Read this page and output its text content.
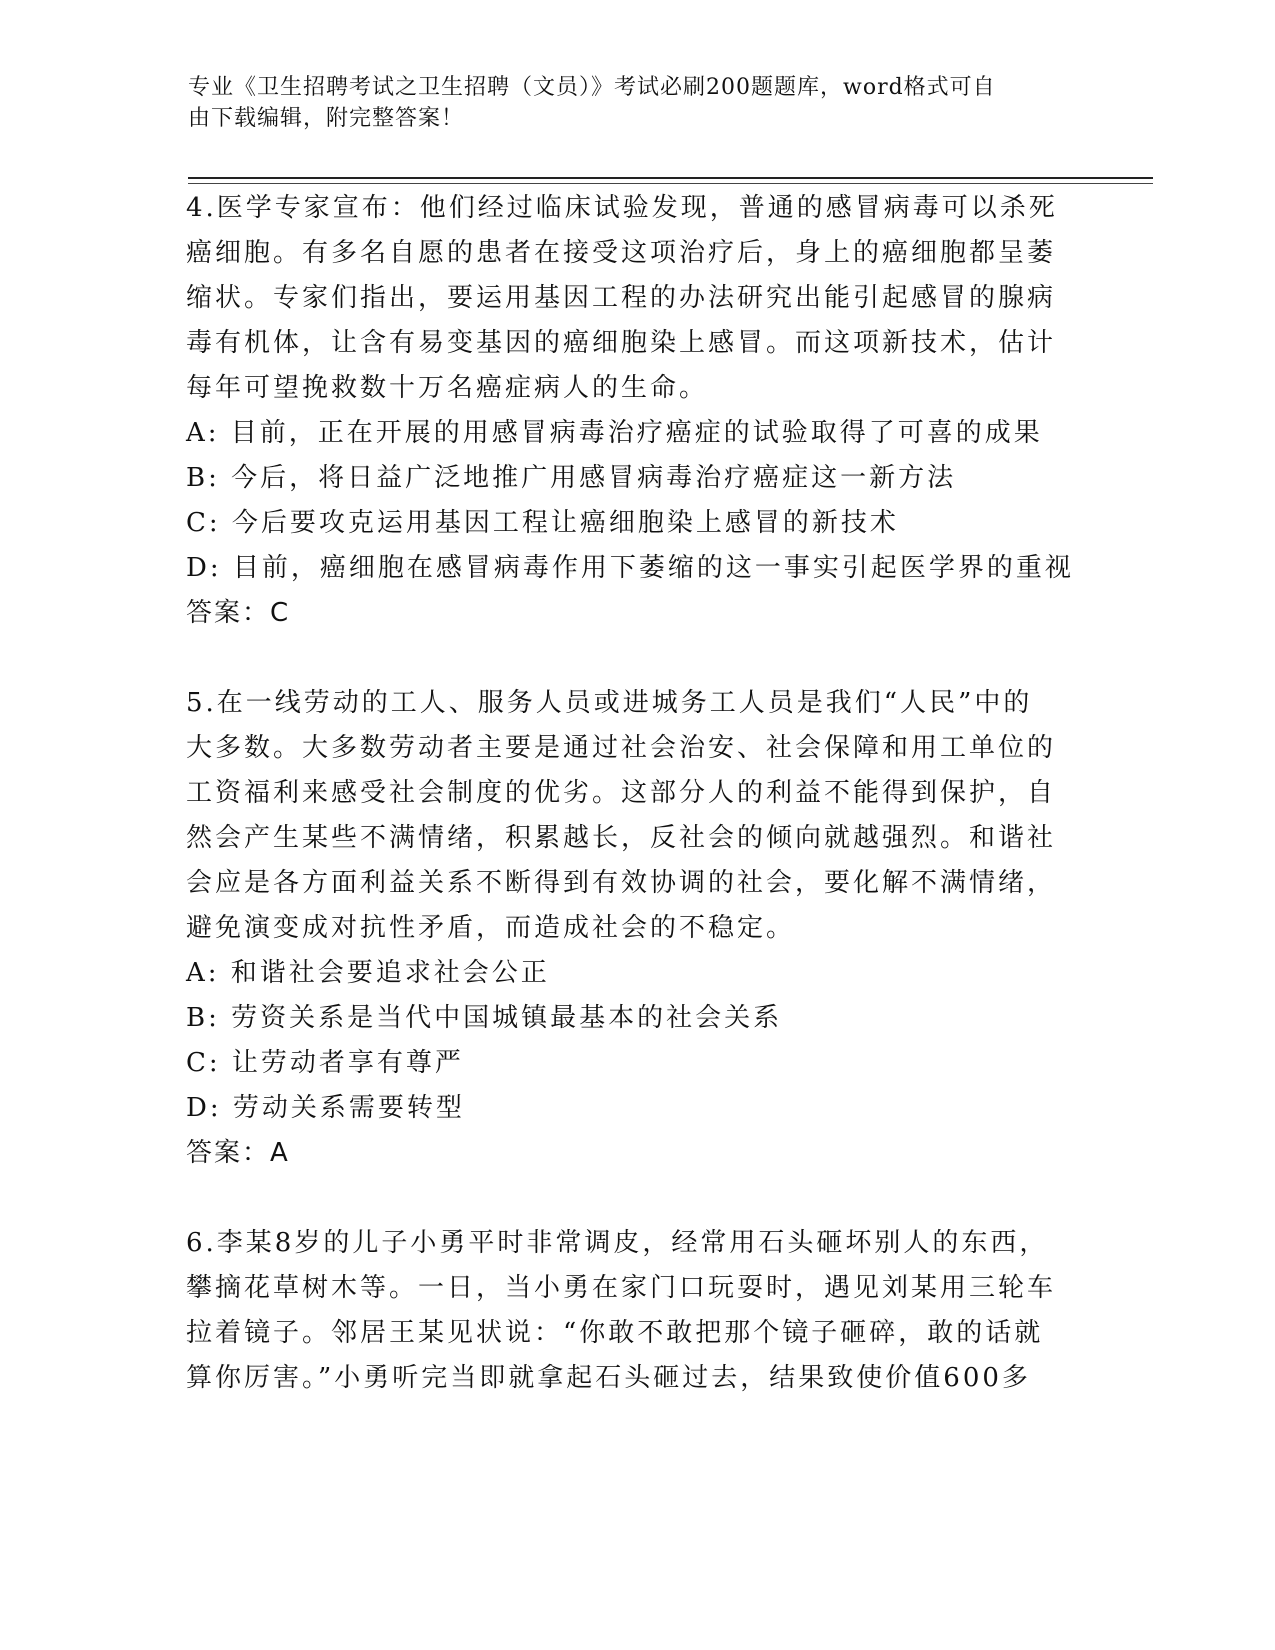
专业《卫生招聘考试之卫生招聘（文员）》考试必刷200题题库，word格式可自
由下载编辑，附完整答案！

4.医学专家宣布：他们经过临床试验发现，普通的感冒病毒可以杀死

癌细胞。有多名自愿的患者在接受这项治疗后，身上的癌细胞都呈萎

缩状。专家们指出，要运用基因工程的办法研究出能引起感冒的腺病

毒有机体，让含有易变基因的癌细胞染上感冒。而这项新技术，估计

每年可望挽救数十万名癌症病人的生命。

A: 目前，正在开展的用感冒病毒治疗癌症的试验取得了可喜的成果

B: 今后，将日益广泛地推广用感冒病毒治疗癌症这一新方法

C: 今后要攻克运用基因工程让癌细胞染上感冒的新技术

D: 目前，癌细胞在感冒病毒作用下萎缩的这一事实引起医学界的重视

答案：C

5.在一线劳动的工人、服务人员或进城务工人员是我们“人民”中的

大多数。大多数劳动者主要是通过社会治安、社会保障和用工单位的

工资福利来感受社会制度的优劣。这部分人的利益不能得到保护，自

然会产生某些不满情绪，积累越长，反社会的倾向就越强烈。和谐社

会应是各方面利益关系不断得到有效协调的社会，要化解不满情绪，

避免演变成对抗性矛盾，而造成社会的不稳定。

A: 和谐社会要追求社会公正

B: 劳资关系是当代中国城镇最基本的社会关系

C: 让劳动者享有尊严

D: 劳动关系需要转型

答案：A

6.李某8岁的儿子小勇平时非常调皮，经常用石头砸坏别人的东西，

攀摘花草树木等。一日，当小勇在家门口玩耍时，遇见刘某用三轮车

拉着镜子。邻居王某见状说：“你敢不敢把那个镜子砸碎，敢的话就

算你厉害。”小勇听完当即就拿起石头砸过去，结果致使价值600多
